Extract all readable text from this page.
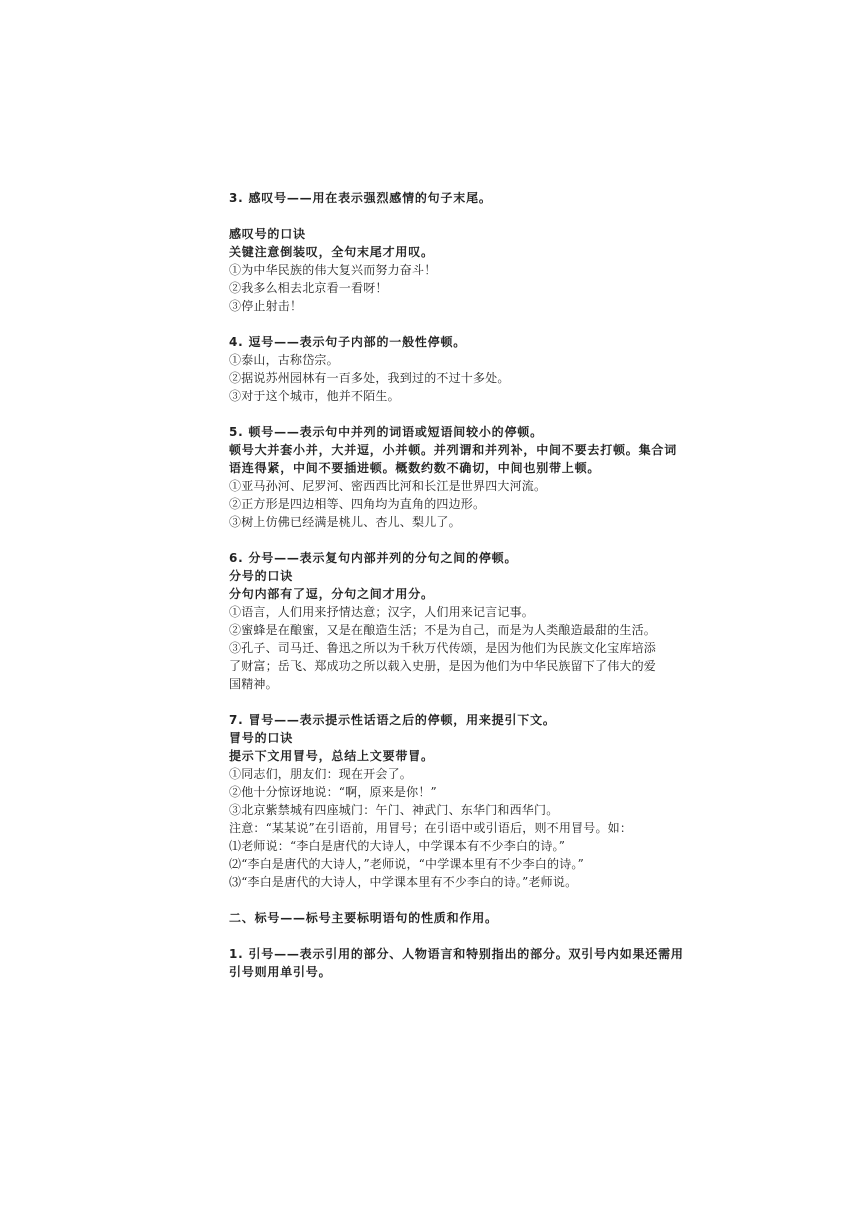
3. 感叹号——用在表示强烈感情的句子末尾。
感叹号的口诀
关键注意倒装叹，全句末尾才用叹。
①为中华民族的伟大复兴而努力奋斗！
②我多么相去北京看一看呀！
③停止射击！
4. 逗号——表示句子内部的一般性停顿。
①泰山，古称岱宗。
②据说苏州园林有一百多处，我到过的不过十多处。
③对于这个城市，他并不陌生。
5. 顿号——表示句中并列的词语或短语间较小的停顿。
顿号大并套小并，大并逗，小并顿。并列谓和并列补，中间不要去打顿。集合词
语连得紧，中间不要插进顿。概数约数不确切，中间也别带上顿。
①亚马孙河、尼罗河、密西西比河和长江是世界四大河流。
②正方形是四边相等、四角均为直角的四边形。
③树上仿佛已经满是桃儿、杏儿、梨儿了。
6. 分号——表示复句内部并列的分句之间的停顿。
分号的口诀
分句内部有了逗，分句之间才用分。
①语言，人们用来抒情达意；汉字，人们用来记言记事。
②蜜蜂是在酿蜜，又是在酿造生活；不是为自己，而是为人类酿造最甜的生活。
③孔子、司马迁、鲁迅之所以为千秋万代传颂，是因为他们为民族文化宝库培添
了财富；岳飞、郑成功之所以载入史册，是因为他们为中华民族留下了伟大的爱
国精神。
7. 冒号——表示提示性话语之后的停顿，用来提引下文。
冒号的口诀
提示下文用冒号，总结上文要带冒。
①同志们，朋友们：现在开会了。
②他十分惊讶地说：“啊，原来是你！”
③北京紫禁城有四座城门：午门、神武门、东华门和西华门。
注意：“某某说”在引语前，用冒号；在引语中或引语后，则不用冒号。如：
⑴老师说：“李白是唐代的大诗人，中学课本有不少李白的诗。”
⑵“李白是唐代的大诗人，”老师说，“中学课本里有不少李白的诗。”
⑶“李白是唐代的大诗人，中学课本里有不少李白的诗。”老师说。
二、标号——标号主要标明语句的性质和作用。
1. 引号——表示引用的部分、人物语言和特别指出的部分。双引号内如果还需用
引号则用单引号。
